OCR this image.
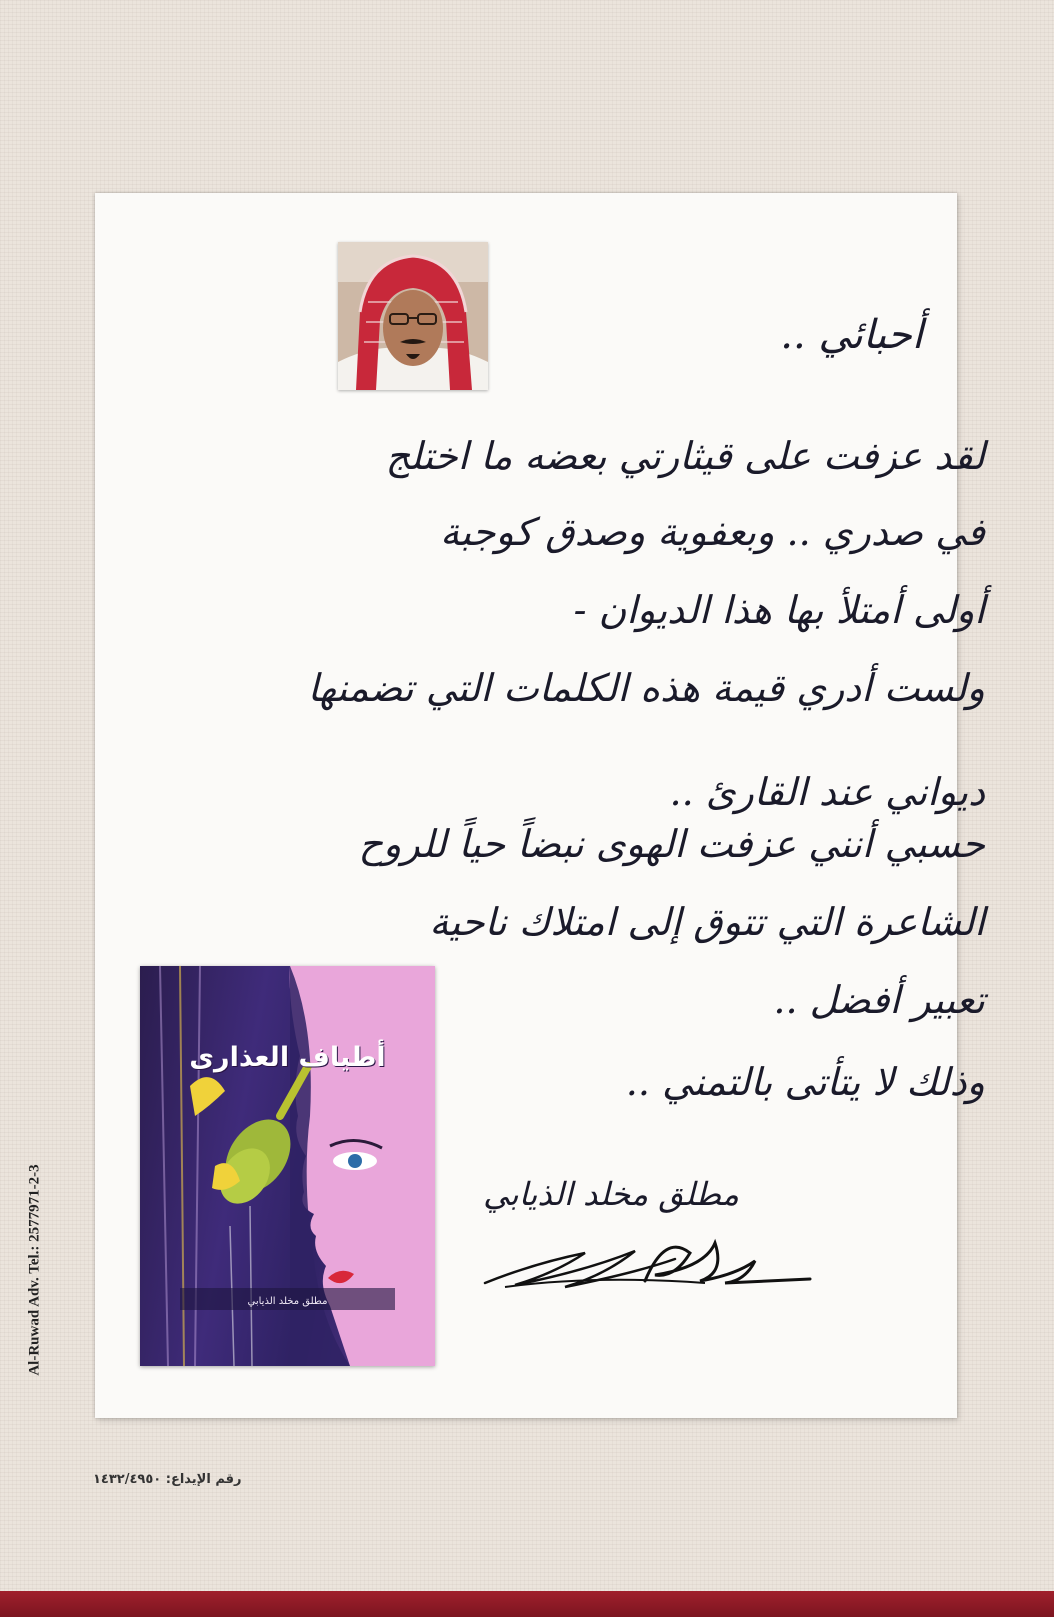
أحبائي ..
لقد عزفت على قيثارتي بعضه ما اختلج
في صدري .. وبعفوية وصدق كوجبة
أولى أمتلأ بها هذا الديوان -
ولست أدري قيمة هذه الكلمات التي تضمنها
ديواني عند القارئ ..
حسبي أنني عزفت الهوى نبضاً حياً للروح
الشاعرة التي تتوق إلى امتلاك ناحية
تعبير أفضل ..
وذلك لا يتأتى بالتمني ..
مطلق مخلد الذيابي
أطياف العذارى
مطلق مخلد الذيابي
Al-Ruwad Adv. Tel.: 2577971-2-3
رقم الإيداع: ١٤٣٢/٤٩٥٠
